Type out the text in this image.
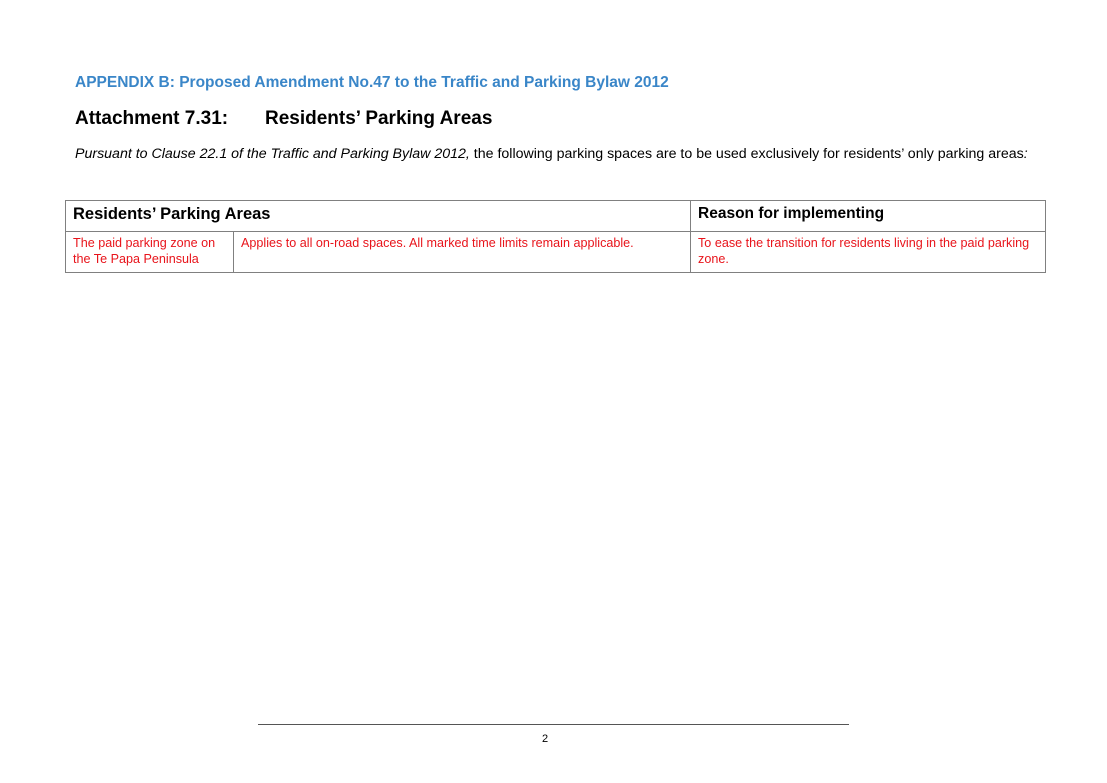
APPENDIX B: Proposed Amendment No.47 to the Traffic and Parking Bylaw 2012
Attachment 7.31: Residents’ Parking Areas
Pursuant to Clause 22.1 of the Traffic and Parking Bylaw 2012, the following parking spaces are to be used exclusively for residents’ only parking areas:
Residents’ Parking Areas		Reason for implementing
The paid parking zone on the Te Papa Peninsula	Applies to all on-road spaces. All marked time limits remain applicable.	To ease the transition for residents living in the paid parking zone.
2
